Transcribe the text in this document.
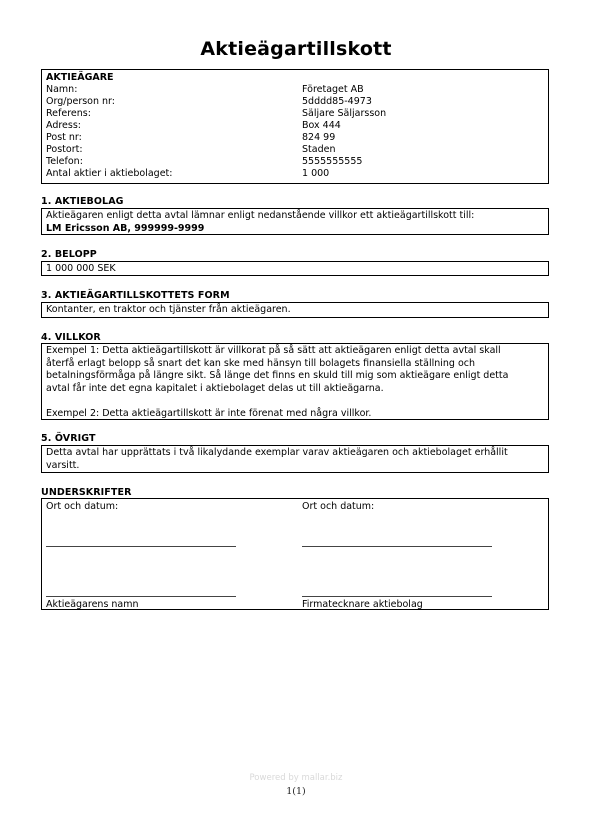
Aktieägartillskott
AKTIEÄGARE
Namn:	Företaget AB
Org/person nr:	5dddd85-4973
Referens:	Säljare Säljarsson
Adress:	Box 444
Post nr:	824 99
Postort:	Staden
Telefon:	5555555555
Antal aktier i aktiebolaget:	1 000
1. AKTIEBOLAG
Aktieägaren enligt detta avtal lämnar enligt nedanstående villkor ett aktieägartillskott till:
LM Ericsson AB, 999999-9999
2. BELOPP
1 000 000 SEK
3. AKTIEÄGARTILLSKOTTETS FORM
Kontanter, en traktor och tjänster från aktieägaren.
4. VILLKOR
Exempel 1: Detta aktieägartillskott är villkorat på så sätt att aktieägaren enligt detta avtal skall
återfå erlagt belopp så snart det kan ske med hänsyn till bolagets finansiella ställning och
betalningsförmåga på längre sikt. Så länge det finns en skuld till mig som aktieägare enligt detta
avtal får inte det egna kapitalet i aktiebolaget delas ut till aktieägarna.
Exempel 2: Detta aktieägartillskott är inte förenat med några villkor.
5. ÖVRIGT
Detta avtal har upprättats i två likalydande exemplar varav aktieägaren och aktiebolaget erhållit
varsitt.
UNDERSKRIFTER
Ort och datum:	Ort och datum:
Aktieägarens namn	Firmatecknare aktiebolag
Powered by mallar.biz
1(1)
